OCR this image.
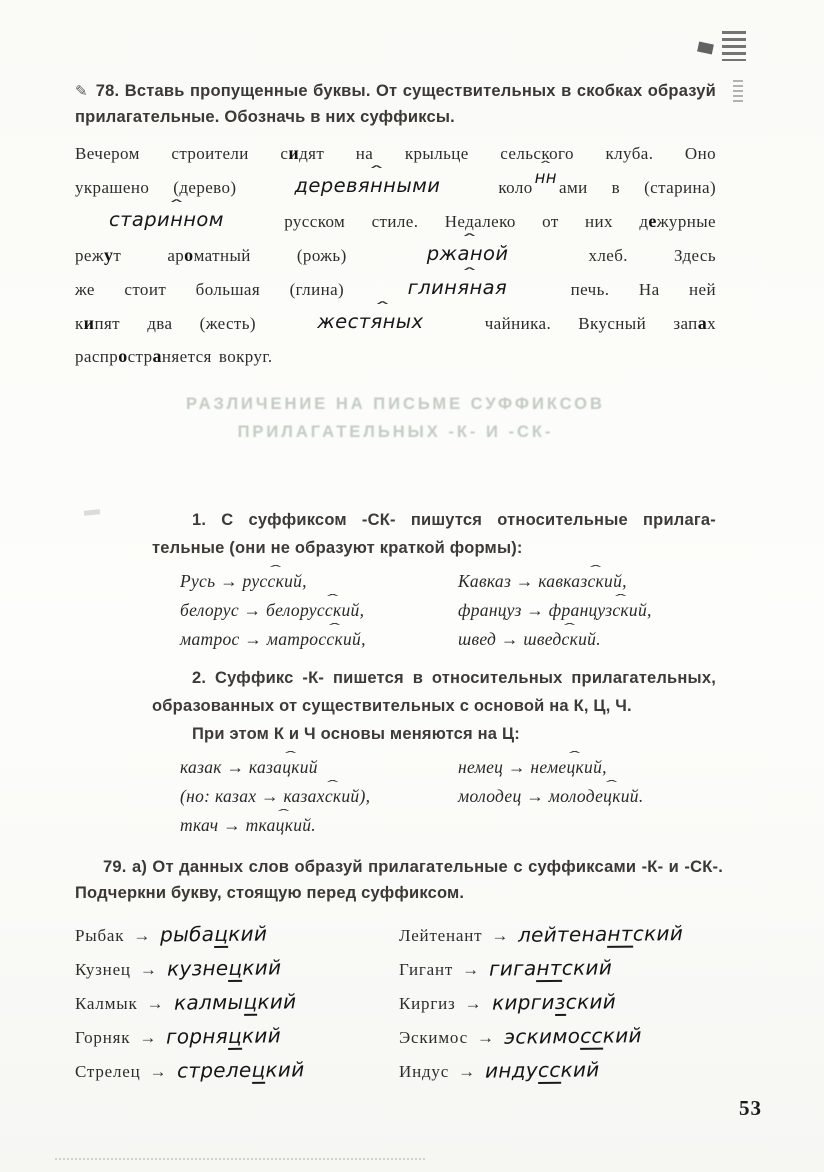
✎ 78. Вставь пропущенные буквы. От существительных в скобках образуй
прилагательные. Обозначь в них суффиксы.
Вечером строители сидят на крыльце сельского клуба. Оно
украшено (дерево) деревˆ янными колоˆ ннами в (старина)
старˆ инном русском стиле. Недалеко от них дежурные
режут ароматный (рожь) ржˆ аной хлеб. Здесь
же стоит большая (глина) глинˆ яная печь. На ней
кипят два (жесть) жестˆ яных чайника. Вкусный запах
распространяется вокруг.
РАЗЛИЧЕНИЕ НА ПИСЬМЕ СУФФИКСОВ
ПРИЛАГАТЕЛЬНЫХ -К- И -СК-
1. С суффиксом -СК- пишутся относительные прилага-
тельные (они не образуют краткой формы):
Русь → русˆ ский,
белорус → белорусˆ ский,
матрос → матросˆ ский,
Кавказ → кавказˆ ский,
француз → французˆ ский,
швед → шведˆ ский.
2. Суффикс -К- пишется в относительных прилагательных,
образованных от существительных с основой на К, Ц, Ч.
При этом К и Ч основы меняются на Ц:
казак → казаˆ цкий
(но: казах → казахˆ ский),
ткач → ткаˆ цкий.
немец → немеˆ цкий,
молодец → молодеˆ цкий.
79. а) От данных слов образуй прилагательные с суффиксами -К- и -СК-.
Подчеркни букву, стоящую перед суффиксом.
Рыбак → рыбацкий
Кузнец → кузнецкий
Калмык → калмыцкий
Горняк → горняцкий
Стрелец → стрелецкий
Лейтенант → лейтенантский
Гигант → гигантский
Киргиз → киргизский
Эскимос → эскимосский
Индус → индусский
53
